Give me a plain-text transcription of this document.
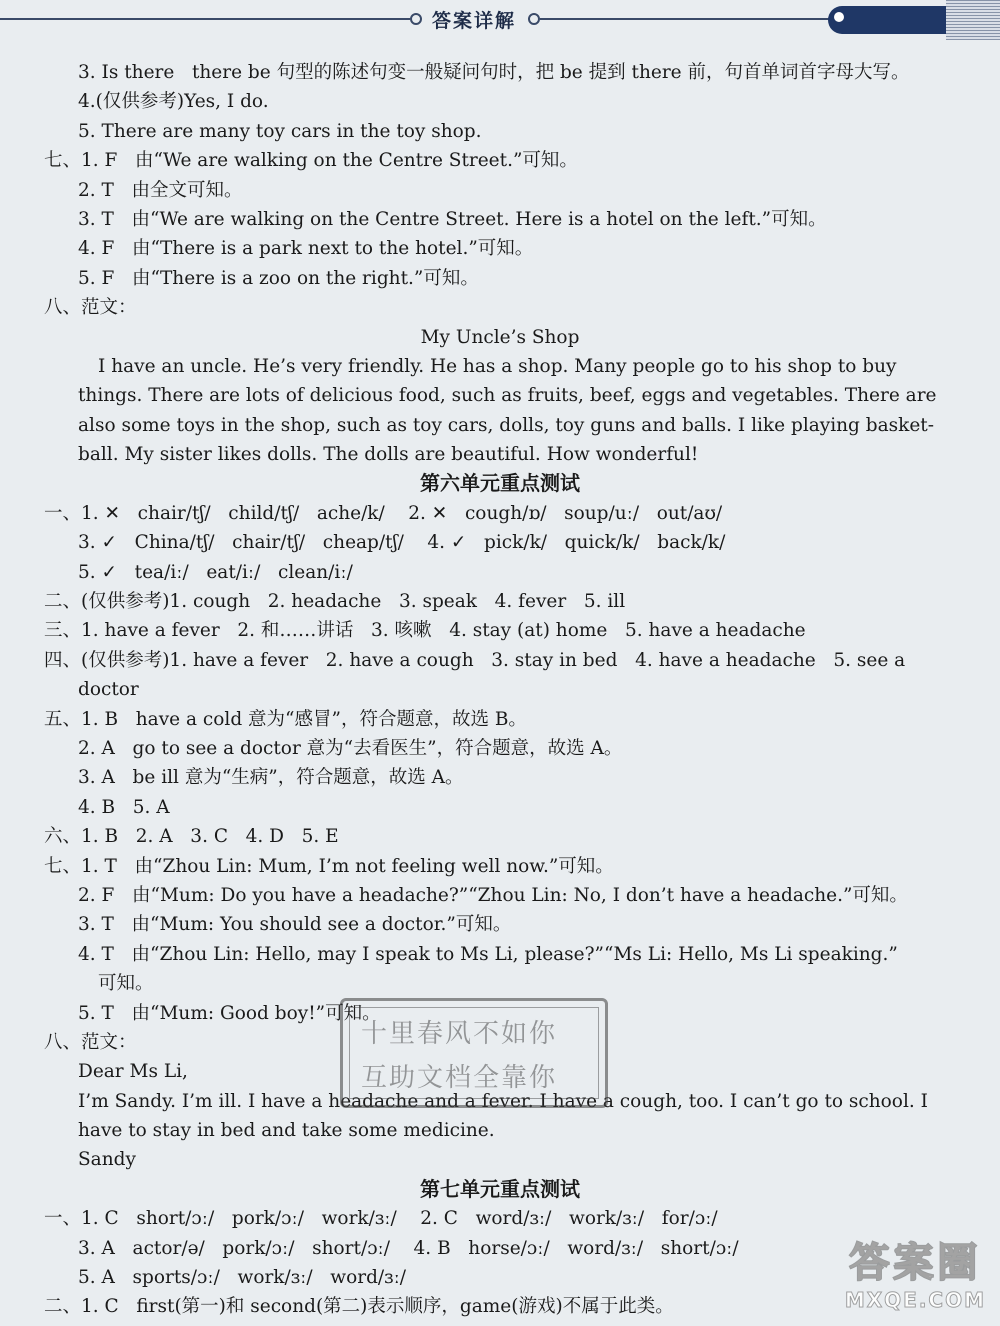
答案详解
3. Is there   there be 句型的陈述句变一般疑问句时，把 be 提到 there 前，句首单词首字母大写。
4.(仅供参考)Yes, I do.
5. There are many toy cars in the toy shop.
七、1. F   由“We are walking on the Centre Street.”可知。
2. T   由全文可知。
3. T   由“We are walking on the Centre Street. Here is a hotel on the left.”可知。
4. F   由“There is a park next to the hotel.”可知。
5. F   由“There is a zoo on the right.”可知。
八、范文：
My Uncle’s Shop
I have an uncle. He’s very friendly. He has a shop. Many people go to his shop to buy
things. There are lots of delicious food, such as fruits, beef, eggs and vegetables. There are
also some toys in the shop, such as toy cars, dolls, toy guns and balls. I like playing basket-
ball. My sister likes dolls. The dolls are beautiful. How wonderful!
第六单元重点测试
一、1. ✕   chair/tʃ/   child/tʃ/   ache/k/    2. ✕   cough/ɒ/   soup/uː/   out/aʊ/
3. ✓   China/tʃ/   chair/tʃ/   cheap/tʃ/    4. ✓   pick/k/   quick/k/   back/k/
5. ✓   tea/iː/   eat/iː/   clean/iː/
二、(仅供参考)1. cough   2. headache   3. speak   4. fever   5. ill
三、1. have a fever   2. 和……讲话   3. 咳嗽   4. stay (at) home   5. have a headache
四、(仅供参考)1. have a fever   2. have a cough   3. stay in bed   4. have a headache   5. see a
doctor
五、1. B   have a cold 意为“感冒”，符合题意，故选 B。
2. A   go to see a doctor 意为“去看医生”，符合题意，故选 A。
3. A   be ill 意为“生病”，符合题意，故选 A。
4. B   5. A
六、1. B   2. A   3. C   4. D   5. E
七、1. T   由“Zhou Lin: Mum, I’m not feeling well now.”可知。
2. F   由“Mum: Do you have a headache?”“Zhou Lin: No, I don’t have a headache.”可知。
3. T   由“Mum: You should see a doctor.”可知。
4. T   由“Zhou Lin: Hello, may I speak to Ms Li, please?”“Ms Li: Hello, Ms Li speaking.”
可知。
5. T   由“Mum: Good boy!”可知。
八、范文：
Dear Ms Li,
I’m Sandy. I’m ill. I have a headache and a fever. I have a cough, too. I can’t go to school. I
have to stay in bed and take some medicine.
Sandy
第七单元重点测试
一、1. C   short/ɔː/   pork/ɔː/   work/ɜː/    2. C   word/ɜː/   work/ɜː/   for/ɔː/
3. A   actor/ə/   pork/ɔː/   short/ɔː/    4. B   horse/ɔː/   word/ɜː/   short/ɔː/
5. A   sports/ɔː/   work/ɜː/   word/ɜː/
二、1. C   first(第一)和 second(第二)表示顺序，game(游戏)不属于此类。
十里春风不如你
互助文档全靠你
答案圈
MXQE.COM
